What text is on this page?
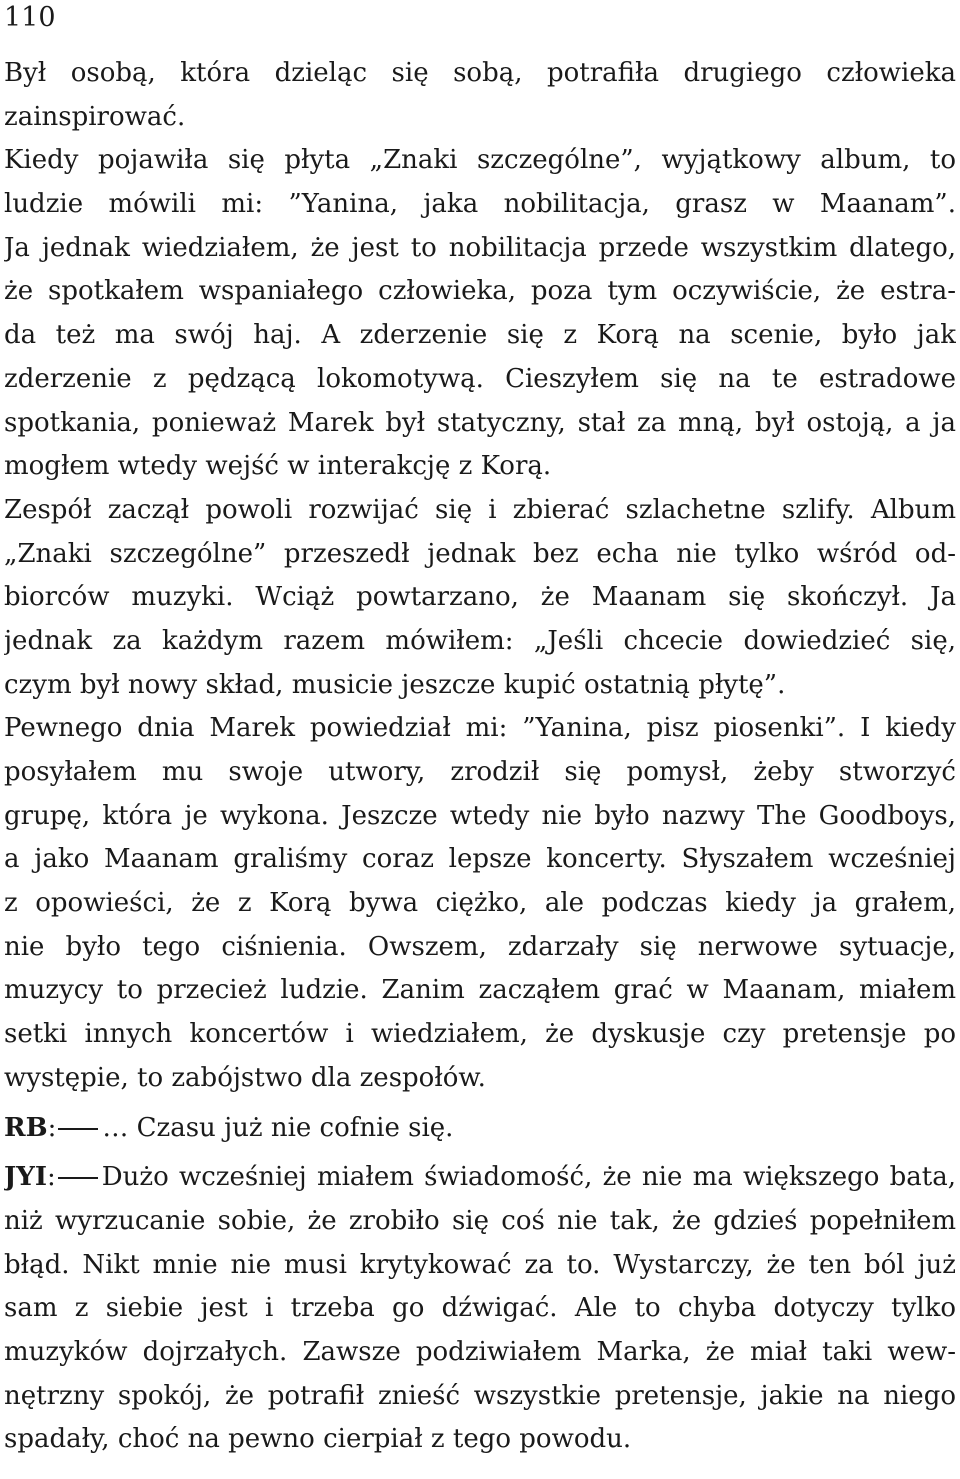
110
Był osobą, która dzieląc się sobą, potrafiła drugiego człowieka
zainspirować.
Kiedy pojawiła się płyta „Znaki szczególne”, wyjątkowy album, to
ludzie mówili mi: ”Yanina, jaka nobilitacja, grasz w Maanam”.
Ja jednak wiedziałem, że jest to nobilitacja przede wszystkim dlatego,
że spotkałem wspaniałego człowieka, poza tym oczywiście, że estra-
da też ma swój haj. A zderzenie się z Korą na scenie, było jak
zderzenie z pędzącą lokomotywą. Cieszyłem się na te estradowe
spotkania, ponieważ Marek był statyczny, stał za mną, był ostoją, a ja
mogłem wtedy wejść w interakcję z Korą.
Zespół zaczął powoli rozwijać się i zbierać szlachetne szlify. Album
„Znaki szczególne” przeszedł jednak bez echa nie tylko wśród od-
biorców muzyki. Wciąż powtarzano, że Maanam się skończył. Ja
jednak za każdym razem mówiłem: „Jeśli chcecie dowiedzieć się,
czym był nowy skład, musicie jeszcze kupić ostatnią płytę”.
Pewnego dnia Marek powiedział mi: ”Yanina, pisz piosenki”. I kiedy
posyłałem mu swoje utwory, zrodził się pomysł, żeby stworzyć
grupę, która je wykona. Jeszcze wtedy nie było nazwy The Goodboys,
a jako Maanam graliśmy coraz lepsze koncerty. Słyszałem wcześniej
z opowieści, że z Korą bywa ciężko, ale podczas kiedy ja grałem,
nie było tego ciśnienia. Owszem, zdarzały się nerwowe sytuacje,
muzycy to przecież ludzie. Zanim zacząłem grać w Maanam, miałem
setki innych koncertów i wiedziałem, że dyskusje czy pretensje po
występie, to zabójstwo dla zespołów.
RB: … Czasu już nie cofnie się.
JYI: Dużo wcześniej miałem świadomość, że nie ma większego bata,
niż wyrzucanie sobie, że zrobiło się coś nie tak, że gdzieś popełniłem
błąd. Nikt mnie nie musi krytykować za to. Wystarczy, że ten ból już
sam z siebie jest i trzeba go dźwigać. Ale to chyba dotyczy tylko
muzyków dojrzałych. Zawsze podziwiałem Marka, że miał taki wew-
nętrzny spokój, że potrafił znieść wszystkie pretensje, jakie na niego
spadały, choć na pewno cierpiał z tego powodu.
